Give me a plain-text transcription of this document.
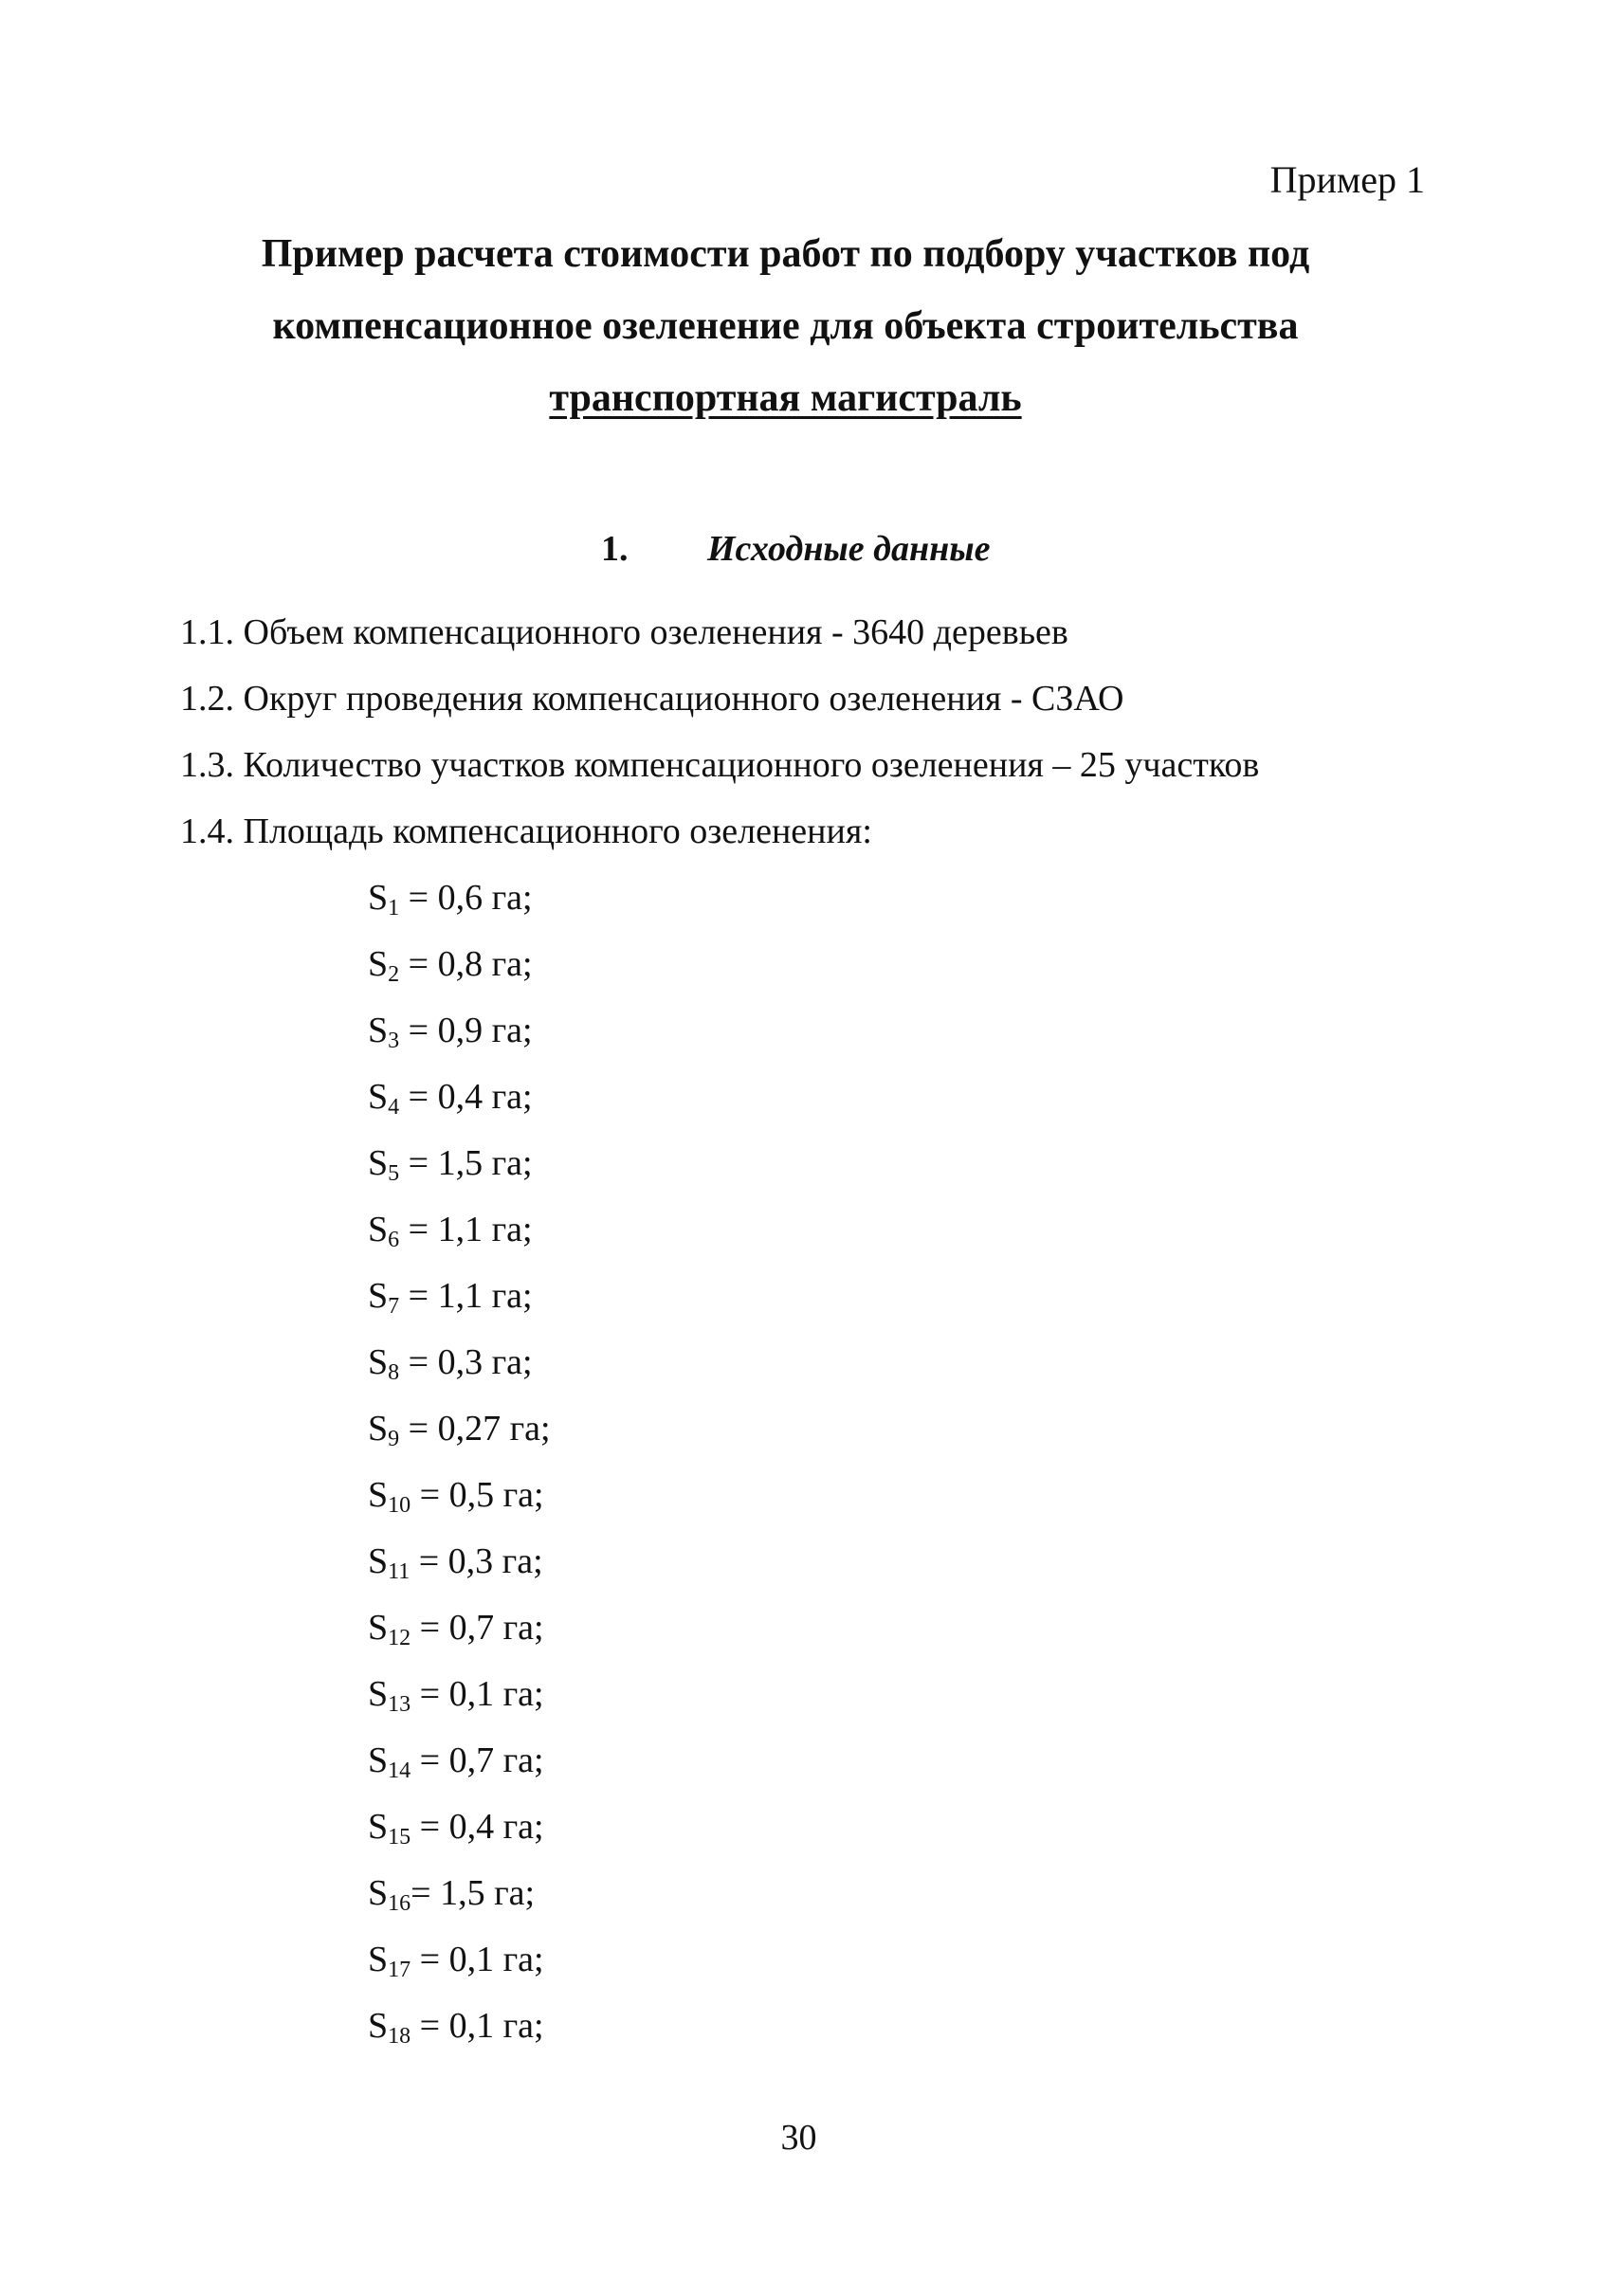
Пример 1
Пример расчета стоимости работ по подбору участков под
компенсационное озеленение для объекта строительства
транспортная магистраль
1. Исходные данные
1.1. Объем компенсационного озеленения - 3640 деревьев
1.2. Округ проведения компенсационного озеленения - СЗАО
1.3. Количество участков компенсационного озеленения – 25 участков
1.4. Площадь компенсационного озеленения:
$S_1 = 0,6$ га;
$S_2 = 0,8$ га;
$S_3 = 0,9$ га;
$S_4 = 0,4$ га;
$S_5 = 1,5$ га;
$S_6 = 1,1$ га;
$S_7 = 1,1$ га;
$S_8 = 0,3$ га;
$S_9 = 0,27$ га;
$S_{10} = 0,5$ га;
$S_{11} = 0,3$ га;
$S_{12} = 0,7$ га;
$S_{13} = 0,1$ га;
$S_{14} = 0,7$ га;
$S_{15} = 0,4$ га;
$S_{16}= 1,5$ га;
$S_{17} = 0,1$ га;
$S_{18} = 0,1$ га;
30
